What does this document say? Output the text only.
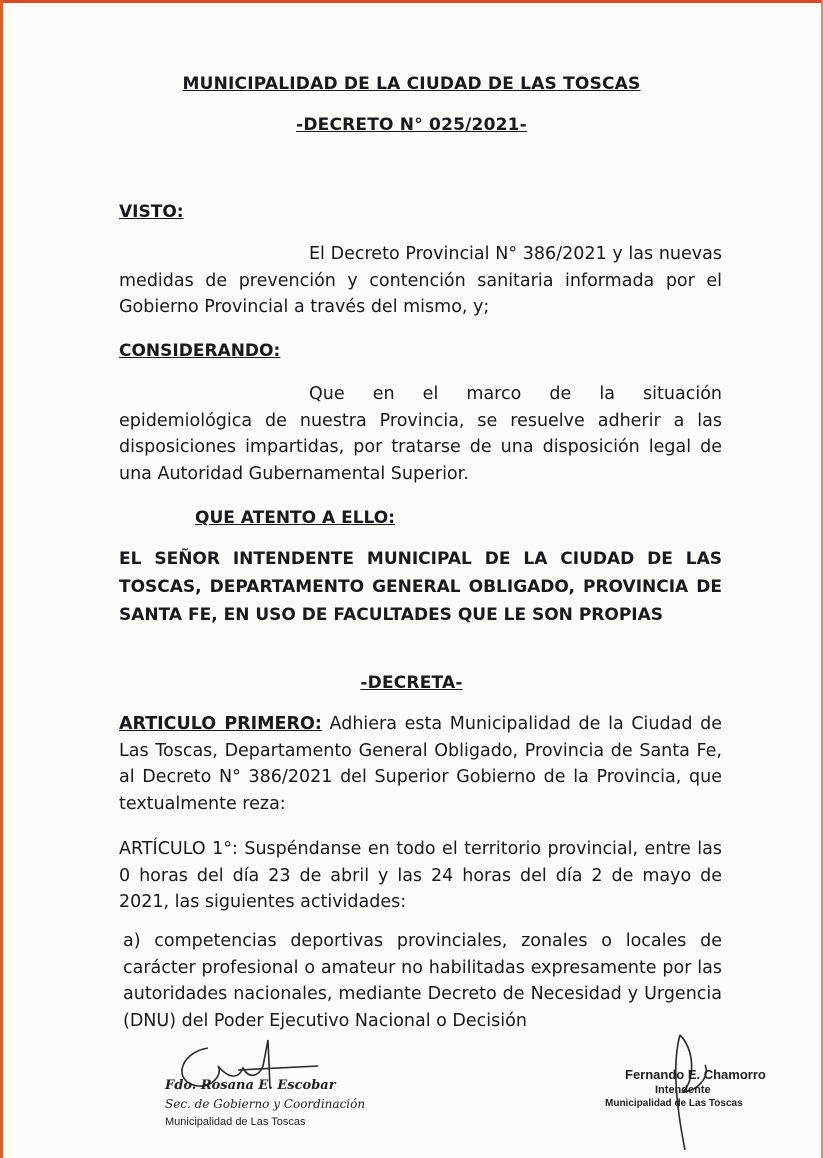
MUNICIPALIDAD DE LA CIUDAD DE LAS TOSCAS
-DECRETO N° 025/2021-
VISTO:
El Decreto Provincial N° 386/2021 y las nuevas medidas de prevención y contención sanitaria informada por el Gobierno Provincial a través del mismo, y;
CONSIDERANDO:
Que en el marco de la situación epidemiológica de nuestra Provincia, se resuelve adherir a las disposiciones impartidas, por tratarse de una disposición legal de una Autoridad Gubernamental Superior.
QUE ATENTO A ELLO:
EL SEÑOR INTENDENTE MUNICIPAL DE LA CIUDAD DE LAS TOSCAS, DEPARTAMENTO GENERAL OBLIGADO, PROVINCIA DE SANTA FE, EN USO DE FACULTADES QUE LE SON PROPIAS
-DECRETA-
ARTICULO PRIMERO: Adhiera esta Municipalidad de la Ciudad de Las Toscas, Departamento General Obligado, Provincia de Santa Fe, al Decreto N° 386/2021 del Superior Gobierno de la Provincia, que textualmente reza:
ARTÍCULO 1°: Suspéndanse en todo el territorio provincial, entre las 0 horas del día 23 de abril y las 24 horas del día 2 de mayo de 2021, las siguientes actividades:
a) competencias deportivas provinciales, zonales o locales de carácter profesional o amateur no habilitadas expresamente por las autoridades nacionales, mediante Decreto de Necesidad y Urgencia (DNU) del Poder Ejecutivo Nacional o Decisión
Fdo. Rosana E. Escobar
Sec. de Gobierno y Coordinación
Municipalidad de Las Toscas
Fernando E. Chamorro
Intendente
Municipalidad de Las Toscas
